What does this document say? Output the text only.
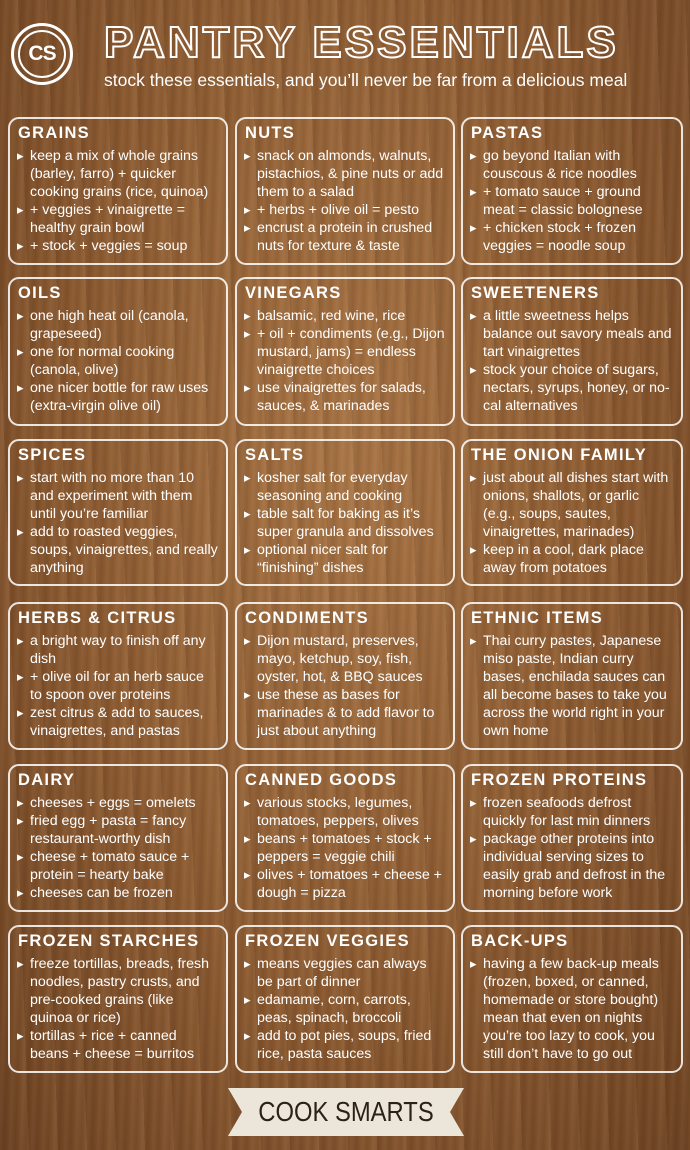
CS PANTRY ESSENTIALS
stock these essentials, and you’ll never be far from a delicious meal
GRAINS
▸ keep a mix of whole grains (barley, farro) + quicker cooking grains (rice, quinoa)
▸ + veggies + vinaigrette = healthy grain bowl
▸ + stock + veggies = soup
NUTS
▸ snack on almonds, walnuts, pistachios, & pine nuts or add them to a salad
▸ + herbs + olive oil = pesto
▸ encrust a protein in crushed nuts for texture & taste
PASTAS
▸ go beyond Italian with couscous & rice noodles
▸ + tomato sauce + ground meat = classic bolognese
▸ + chicken stock + frozen veggies = noodle soup
OILS
▸ one high heat oil (canola, grapeseed)
▸ one for normal cooking (canola, olive)
▸ one nicer bottle for raw uses (extra-virgin olive oil)
VINEGARS
▸ balsamic, red wine, rice
▸ + oil + condiments (e.g., Dijon mustard, jams) = endless vinaigrette choices
▸ use vinaigrettes for salads, sauces, & marinades
SWEETENERS
▸ a little sweetness helps balance out savory meals and tart vinaigrettes
▸ stock your choice of sugars, nectars, syrups, honey, or no-cal alternatives
SPICES
▸ start with no more than 10 and experiment with them until you’re familiar
▸ add to roasted veggies, soups, vinaigrettes, and really anything
SALTS
▸ kosher salt for everyday seasoning and cooking
▸ table salt for baking as it’s super granula and dissolves
▸ optional nicer salt for “finishing” dishes
THE ONION FAMILY
▸ just about all dishes start with onions, shallots, or garlic (e.g., soups, sautes, vinaigrettes, marinades)
▸ keep in a cool, dark place away from potatoes
HERBS & CITRUS
▸ a bright way to finish off any dish
▸ + olive oil for an herb sauce to spoon over proteins
▸ zest citrus & add to sauces, vinaigrettes, and pastas
CONDIMENTS
▸ Dijon mustard, preserves, mayo, ketchup, soy, fish, oyster, hot, & BBQ sauces
▸ use these as bases for marinades & to add flavor to just about anything
ETHNIC ITEMS
▸ Thai curry pastes, Japanese miso paste, Indian curry bases, enchilada sauces can all become bases to take you across the world right in your own home
DAIRY
▸ cheeses + eggs = omelets
▸ fried egg + pasta = fancy restaurant-worthy dish
▸ cheese + tomato sauce + protein = hearty bake
▸ cheeses can be frozen
CANNED GOODS
▸ various stocks, legumes, tomatoes, peppers, olives
▸ beans + tomatoes + stock + peppers = veggie chili
▸ olives + tomatoes + cheese + dough = pizza
FROZEN PROTEINS
▸ frozen seafoods defrost quickly for last min dinners
▸ package other proteins into individual serving sizes to easily grab and defrost in the morning before work
FROZEN STARCHES
▸ freeze tortillas, breads, fresh noodles, pastry crusts, and pre-cooked grains (like quinoa or rice)
▸ tortillas + rice + canned beans + cheese = burritos
FROZEN VEGGIES
▸ means veggies can always be part of dinner
▸ edamame, corn, carrots, peas, spinach, broccoli
▸ add to pot pies, soups, fried rice, pasta sauces
BACK-UPS
▸ having a few back-up meals (frozen, boxed, or canned, homemade or store bought) mean that even on nights you’re too lazy to cook, you still don’t have to go out
COOK SMARTS
